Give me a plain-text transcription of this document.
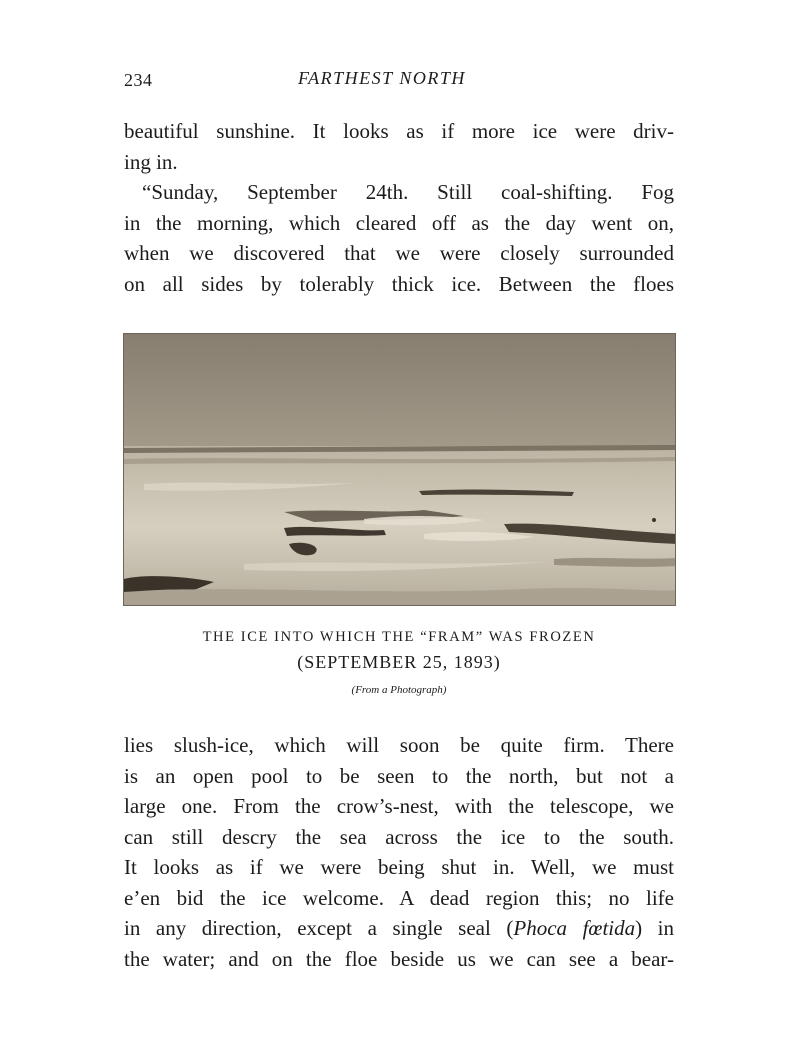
234	FARTHEST NORTH
beautiful sunshine. It looks as if more ice were driv-
ing in.
“Sunday, September 24th. Still coal-shifting. Fog
in the morning, which cleared off as the day went on,
when we discovered that we were closely surrounded
on all sides by tolerably thick ice. Between the floes
THE ICE INTO WHICH THE “FRAM” WAS FROZEN
(SEPTEMBER 25, 1893)
(From a Photograph)
lies slush-ice, which will soon be quite firm. There
is an open pool to be seen to the north, but not a
large one. From the crow’s-nest, with the telescope, we
can still descry the sea across the ice to the south.
It looks as if we were being shut in. Well, we must
e’en bid the ice welcome. A dead region this; no life
in any direction, except a single seal (Phoca fœtida) in
the water; and on the floe beside us we can see a bear-
